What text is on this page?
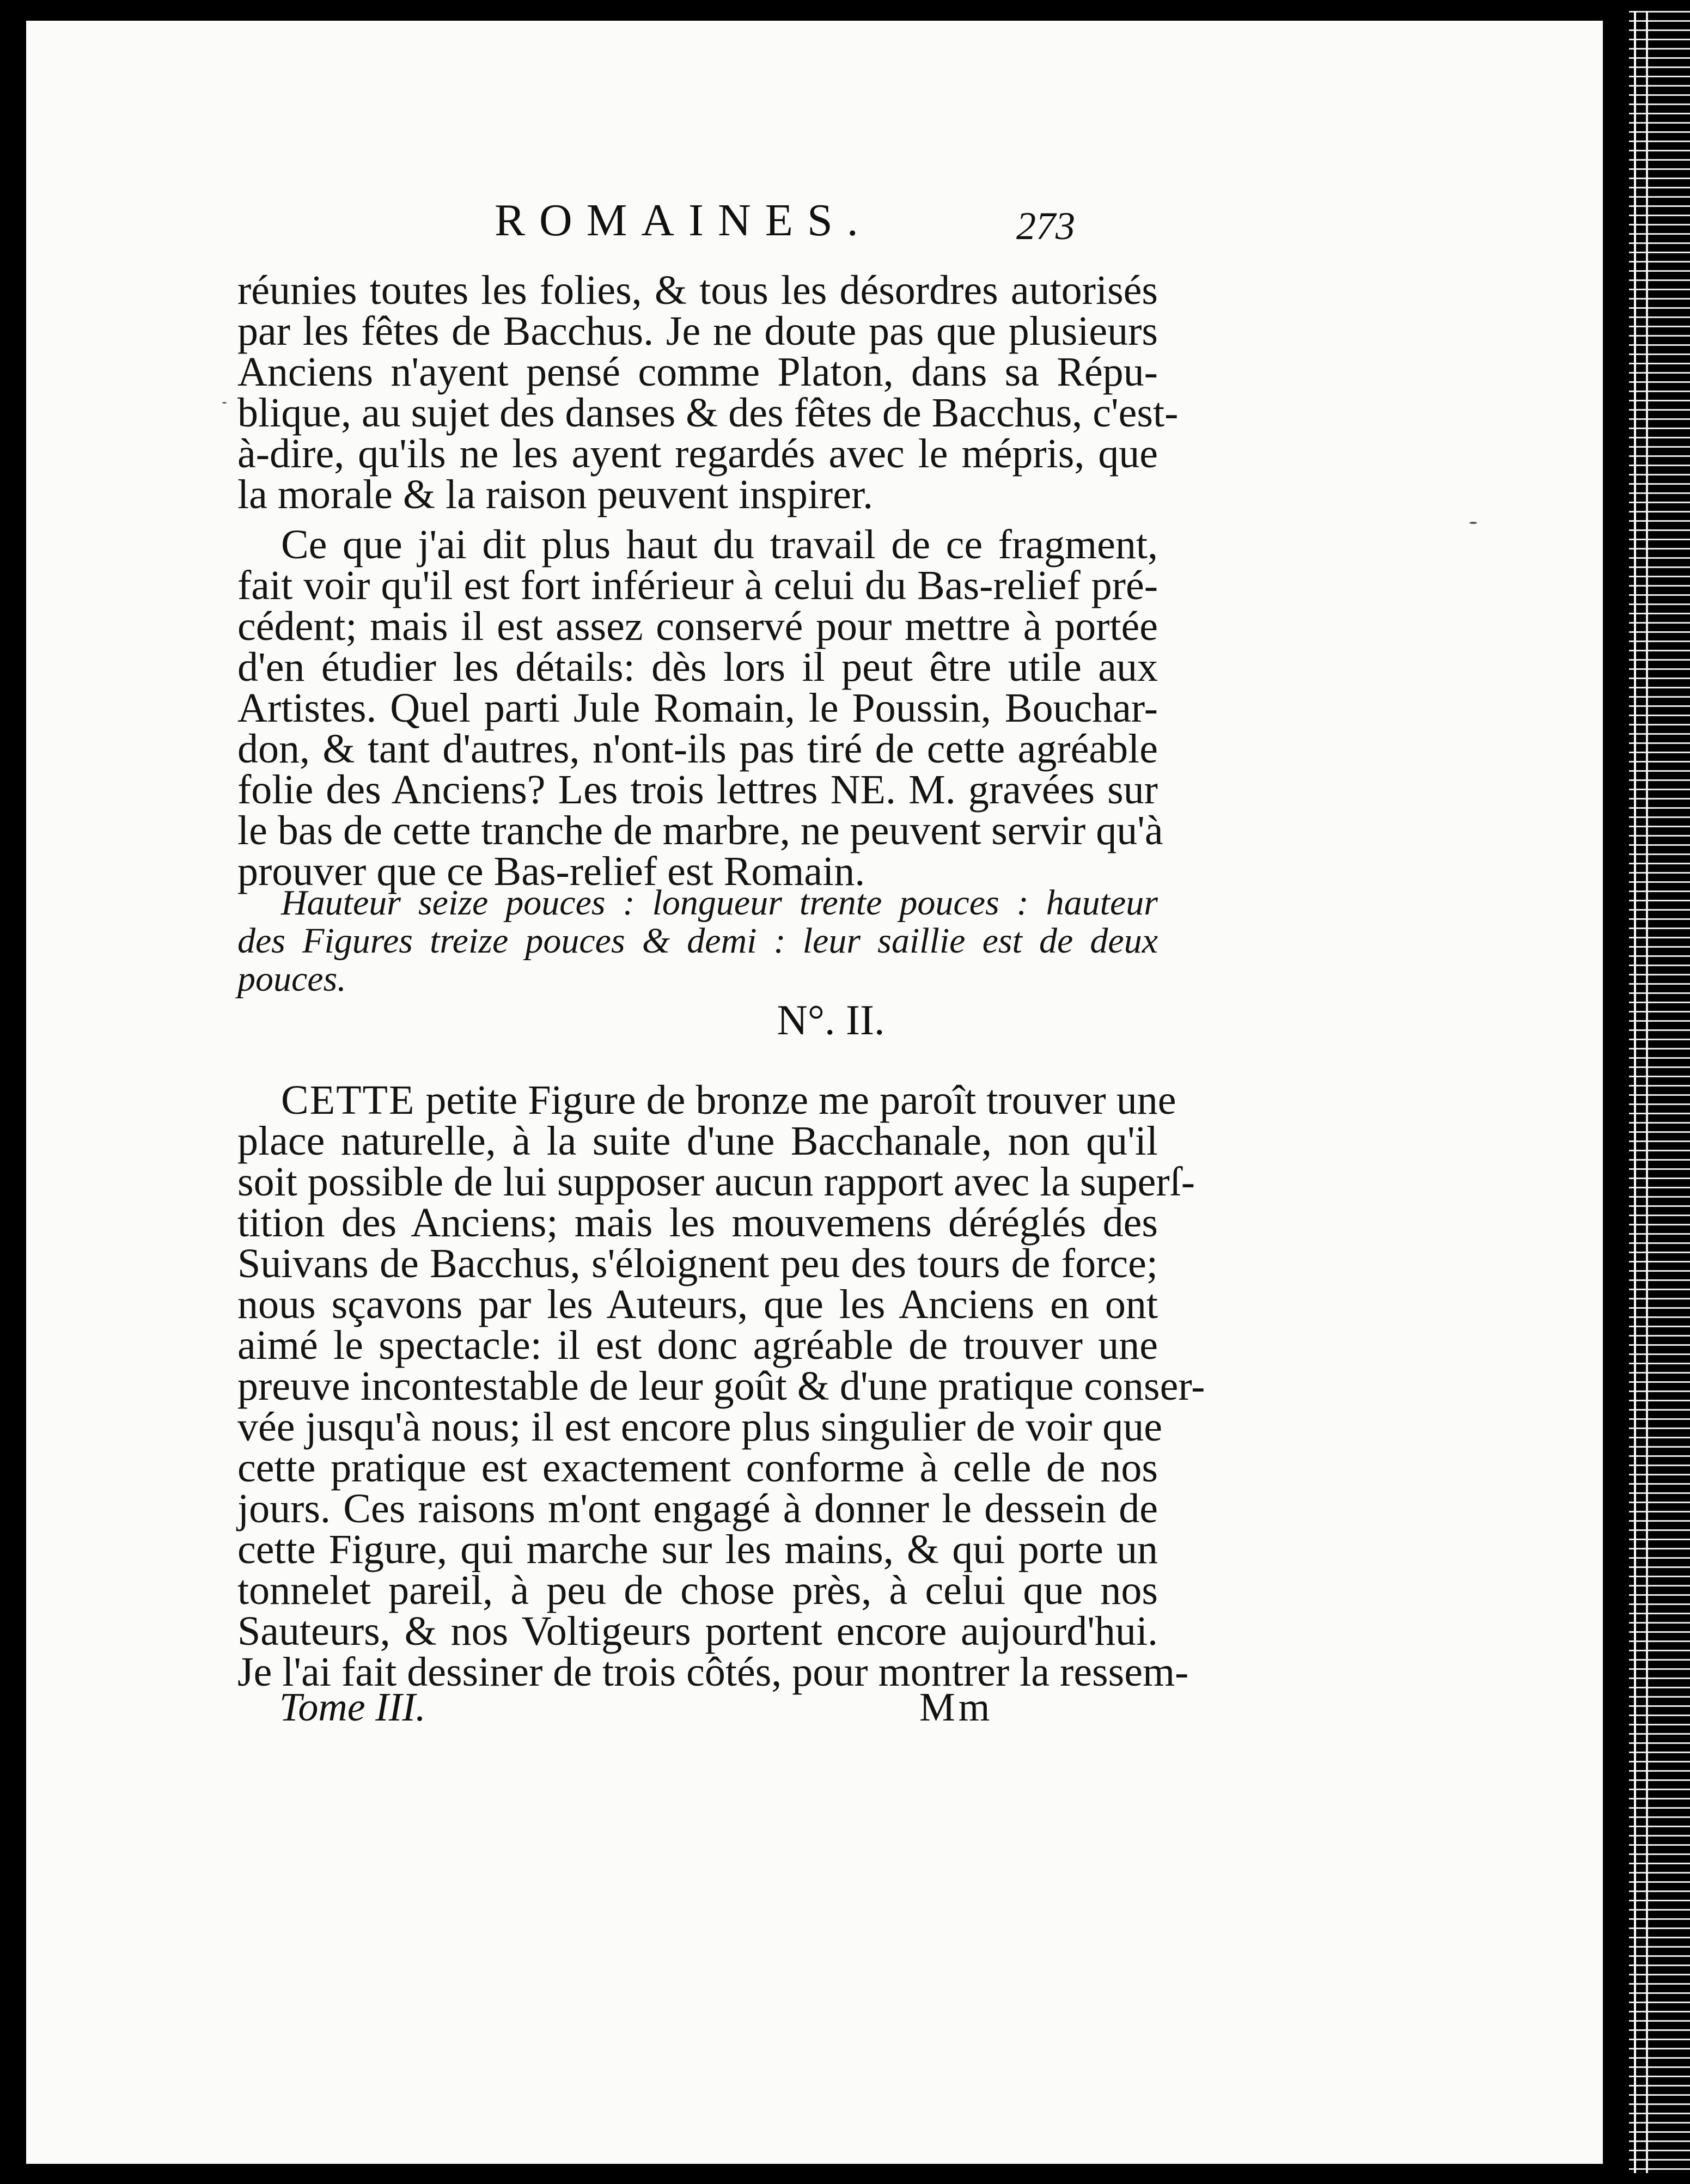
ROMAINES.	273
réunies toutes les folies, & tous les désordres autorisés
par les fêtes de Bacchus. Je ne doute pas que plusieurs
Anciens n'ayent pensé comme Platon, dans sa Répu-
blique, au sujet des danses & des fêtes de Bacchus, c'est-
à-dire, qu'ils ne les ayent regardés avec le mépris, que
la morale & la raison peuvent inspirer.
Ce que j'ai dit plus haut du travail de ce fragment,
fait voir qu'il est fort inférieur à celui du Bas-relief pré-
cédent; mais il est assez conservé pour mettre à portée
d'en étudier les détails: dès lors il peut être utile aux
Artistes. Quel parti Jule Romain, le Poussin, Bouchar-
don, & tant d'autres, n'ont-ils pas tiré de cette agréable
folie des Anciens? Les trois lettres NE. M. gravées sur
le bas de cette tranche de marbre, ne peuvent servir qu'à
prouver que ce Bas-relief est Romain.
Hauteur seize pouces : longueur trente pouces : hauteur
des Figures treize pouces & demi : leur saillie est de deux
pouces.
N°. II.
CETTE petite Figure de bronze me paroît trouver une
place naturelle, à la suite d'une Bacchanale, non qu'il
soit possible de lui supposer aucun rapport avec la superſ-
tition des Anciens; mais les mouvemens déréglés des
Suivans de Bacchus, s'éloignent peu des tours de force;
nous sçavons par les Auteurs, que les Anciens en ont
aimé le spectacle: il est donc agréable de trouver une
preuve incontestable de leur goût & d'une pratique conser-
vée jusqu'à nous; il est encore plus singulier de voir que
cette pratique est exactement conforme à celle de nos
jours. Ces raisons m'ont engagé à donner le dessein de
cette Figure, qui marche sur les mains, & qui porte un
tonnelet pareil, à peu de chose près, à celui que nos
Sauteurs, & nos Voltigeurs portent encore aujourd'hui.
Je l'ai fait dessiner de trois côtés, pour montrer la ressem-
Tome III.	Mm
